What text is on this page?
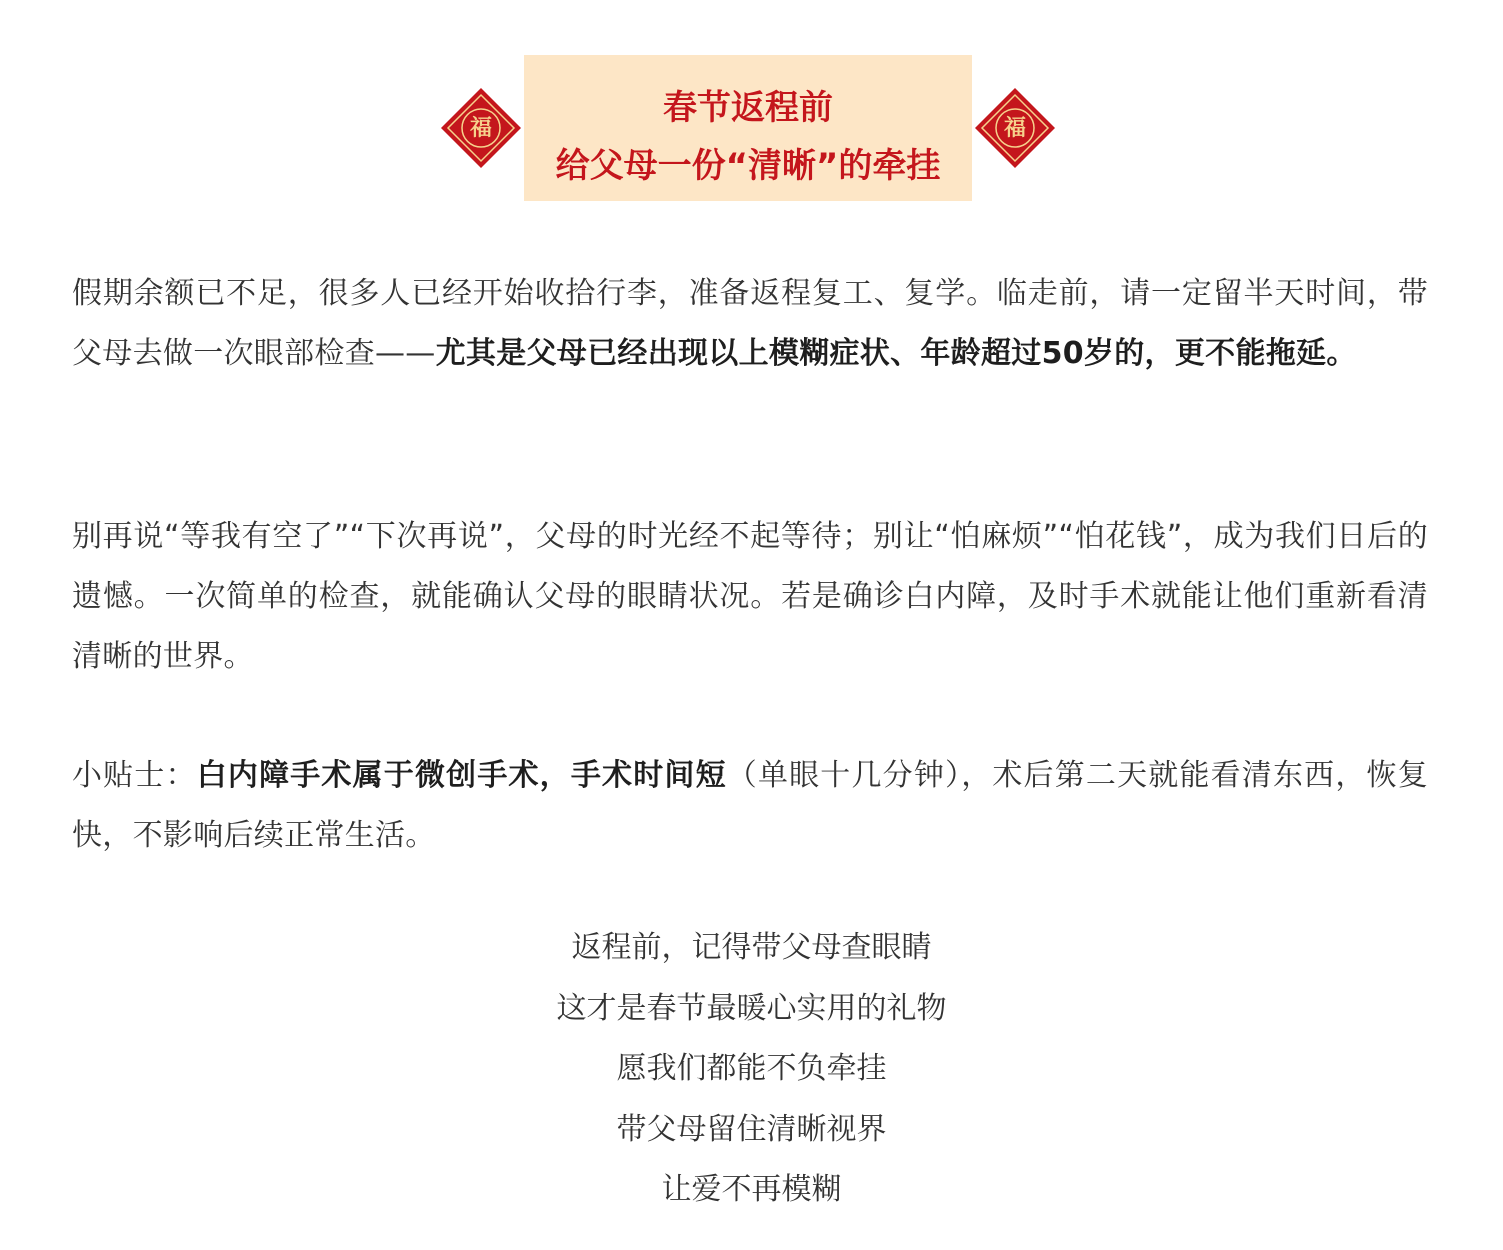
福	春节返程前
给父母一份“清晰”的牵挂
福

假期余额已不足，很多人已经开始收拾行李，准备返程复工、复学。临走前，请一定留半天时间，带父母去做一次眼部检查——尤其是父母已经出现以上模糊症状、年龄超过50岁的，更不能拖延。

别再说“等我有空了”“下次再说”，父母的时光经不起等待；别让“怕麻烦”“怕花钱”，成为我们日后的遗憾。一次简单的检查，就能确认父母的眼睛状况。若是确诊白内障，及时手术就能让他们重新看清清晰的世界。

小贴士：白内障手术属于微创手术，手术时间短（单眼十几分钟），术后第二天就能看清东西，恢复快，不影响后续正常生活。

返程前，记得带父母查眼睛
这才是春节最暖心实用的礼物
愿我们都能不负牵挂
带父母留住清晰视界
让爱不再模糊
